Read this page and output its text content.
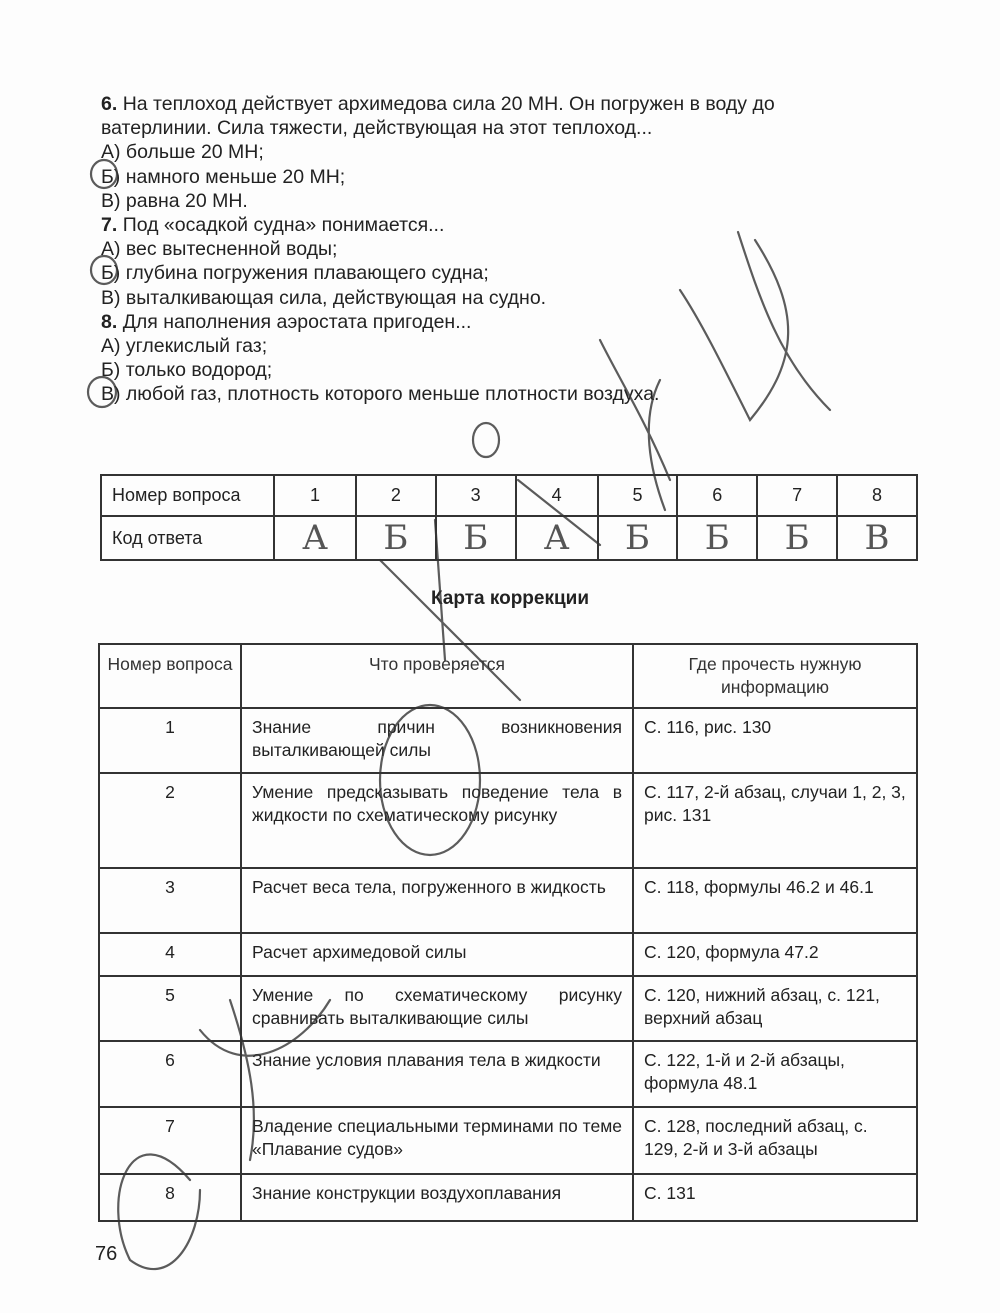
6. На теплоход действует архимедова сила 20 МН. Он погружен в воду до
ватерлинии. Сила тяжести, действующая на этот теплоход...
А) больше 20 МН;
Б) намного меньше 20 МН;
В) равна 20 МН.
7. Под «осадкой судна» понимается...
А) вес вытесненной воды;
Б) глубина погружения плавающего судна;
В) выталкивающая сила, действующая на судно.
8. Для наполнения аэростата пригоден...
А) углекислый газ;
Б) только водород;
В) любой газ, плотность которого меньше плотности воздуха.
Номер вопроса	1	2	3	4	5	6	7	8
Код ответа	А	Б	Б	А	Б	Б	Б	В
Карта коррекции
Номер вопроса	Что проверяется	Где прочесть нужную информацию
1	Знание причин возникновения выталкивающей силы	С. 116, рис. 130
2	Умение предсказывать поведение тела в жидкости по схематическому рисунку	С. 117, 2-й абзац, случаи 1, 2, 3, рис. 131
3	Расчет веса тела, погруженного в жидкость	С. 118, формулы 46.2 и 46.1
4	Расчет архимедовой силы	С. 120, формула 47.2
5	Умение по схематическому рисунку сравнивать выталкивающие силы	С. 120, нижний абзац, с. 121, верхний абзац
6	Знание условия плавания тела в жидкости	С. 122, 1-й и 2-й абзацы, формула 48.1
7	Владение специальными терминами по теме «Плавание судов»	С. 128, последний абзац, с. 129, 2-й и 3-й абзацы
8	Знание конструкции воздухоплавания	С. 131
76
